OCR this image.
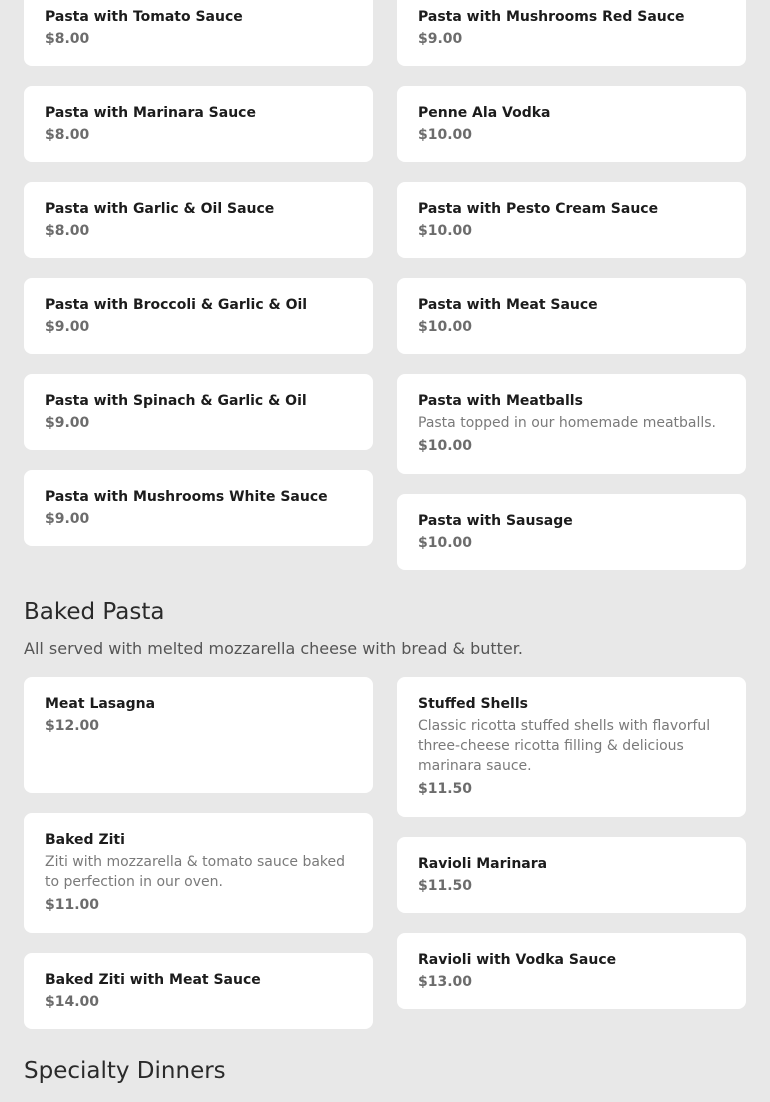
Pasta with Tomato Sauce
$8.00
Pasta with Marinara Sauce
$8.00
Pasta with Garlic & Oil Sauce
$8.00
Pasta with Broccoli & Garlic & Oil
$9.00
Pasta with Spinach & Garlic & Oil
$9.00
Pasta with Mushrooms White Sauce
$9.00
Pasta with Mushrooms Red Sauce
$9.00
Penne Ala Vodka
$10.00
Pasta with Pesto Cream Sauce
$10.00
Pasta with Meat Sauce
$10.00
Pasta with Meatballs
Pasta topped in our homemade meatballs.
$10.00
Pasta with Sausage
$10.00
Baked Pasta
All served with melted mozzarella cheese with bread & butter.
Meat Lasagna
$12.00
Baked Ziti
Ziti with mozzarella & tomato sauce baked to perfection in our oven.
$11.00
Baked Ziti with Meat Sauce
$14.00
Stuffed Shells
Classic ricotta stuffed shells with flavorful three-cheese ricotta filling & delicious marinara sauce.
$11.50
Ravioli Marinara
$11.50
Ravioli with Vodka Sauce
$13.00
Specialty Dinners
